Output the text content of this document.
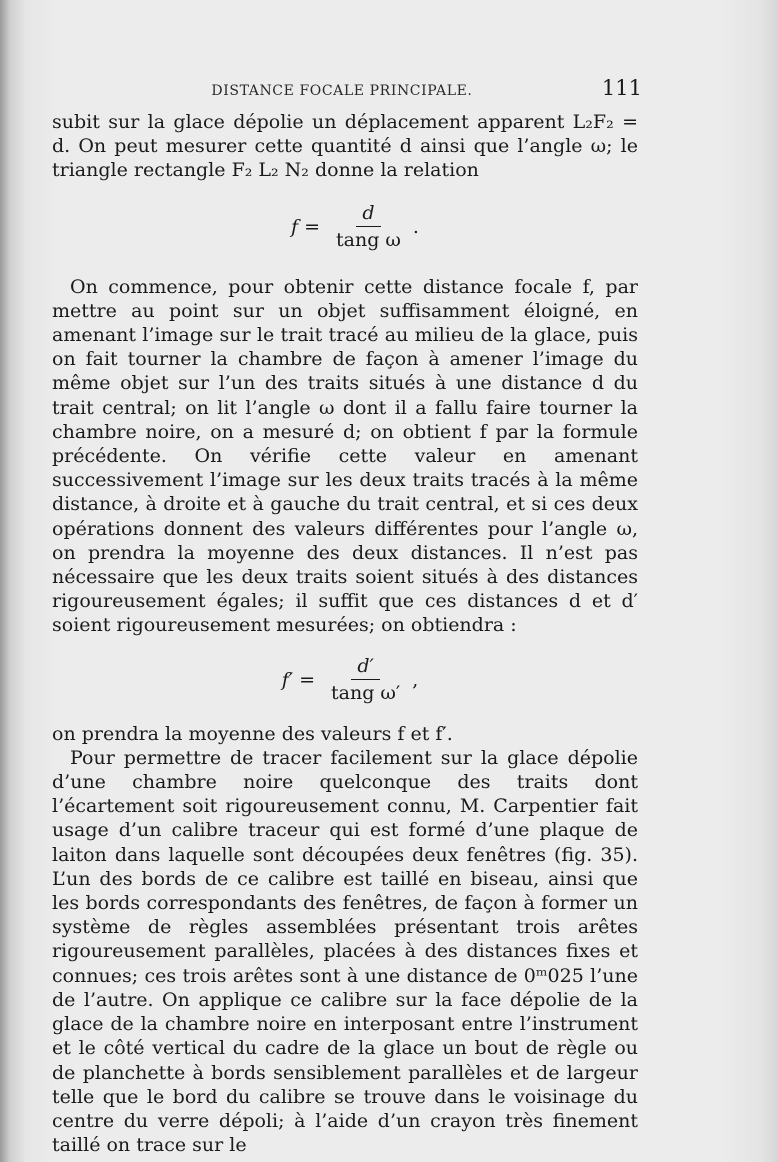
DISTANCE FOCALE PRINCIPALE.	111

subit sur la glace dépolie un déplacement apparent L₂F₂ = d. On peut mesurer cette quantité d ainsi que l’angle ω; le triangle rectangle F₂ L₂ N₂ donne la relation

$f = \frac{d}{\text{tang ω}}$ .

On commence, pour obtenir cette distance focale f, par mettre au point sur un objet suffisamment éloigné, en amenant l’image sur le trait tracé au milieu de la glace, puis on fait tourner la chambre de façon à amener l’image du même objet sur l’un des traits situés à une distance d du trait central; on lit l’angle ω dont il a fallu faire tourner la chambre noire, on a mesuré d; on obtient f par la formule précédente. On vérifie cette valeur en amenant successivement l’image sur les deux traits tracés à la même distance, à droite et à gauche du trait central, et si ces deux opérations donnent des valeurs différentes pour l’angle ω, on prendra la moyenne des deux distances. Il n’est pas nécessaire que les deux traits soient situés à des distances rigoureusement égales; il suffit que ces distances d et d′ soient rigoureusement mesurées; on obtiendra :

$f' = \frac{d'}{\text{tang ω′}}$ ,

on prendra la moyenne des valeurs f et f′.

Pour permettre de tracer facilement sur la glace dépolie d’une chambre noire quelconque des traits dont l’écartement soit rigoureusement connu, M. Carpentier fait usage d’un calibre traceur qui est formé d’une plaque de laiton dans laquelle sont découpées deux fenêtres (fig. 35). L’un des bords de ce calibre est taillé en biseau, ainsi que les bords correspondants des fenêtres, de façon à former un système de règles assemblées présentant trois arêtes rigoureusement parallèles, placées à des distances fixes et connues; ces trois arêtes sont à une distance de 0ᵐ025 l’une de l’autre. On applique ce calibre sur la face dépolie de la glace de la chambre noire en interposant entre l’instrument et le côté vertical du cadre de la glace un bout de règle ou de planchette à bords sensiblement parallèles et de largeur telle que le bord du calibre se trouve dans le voisinage du centre du verre dépoli; à l’aide d’un crayon très finement taillé on trace sur le
